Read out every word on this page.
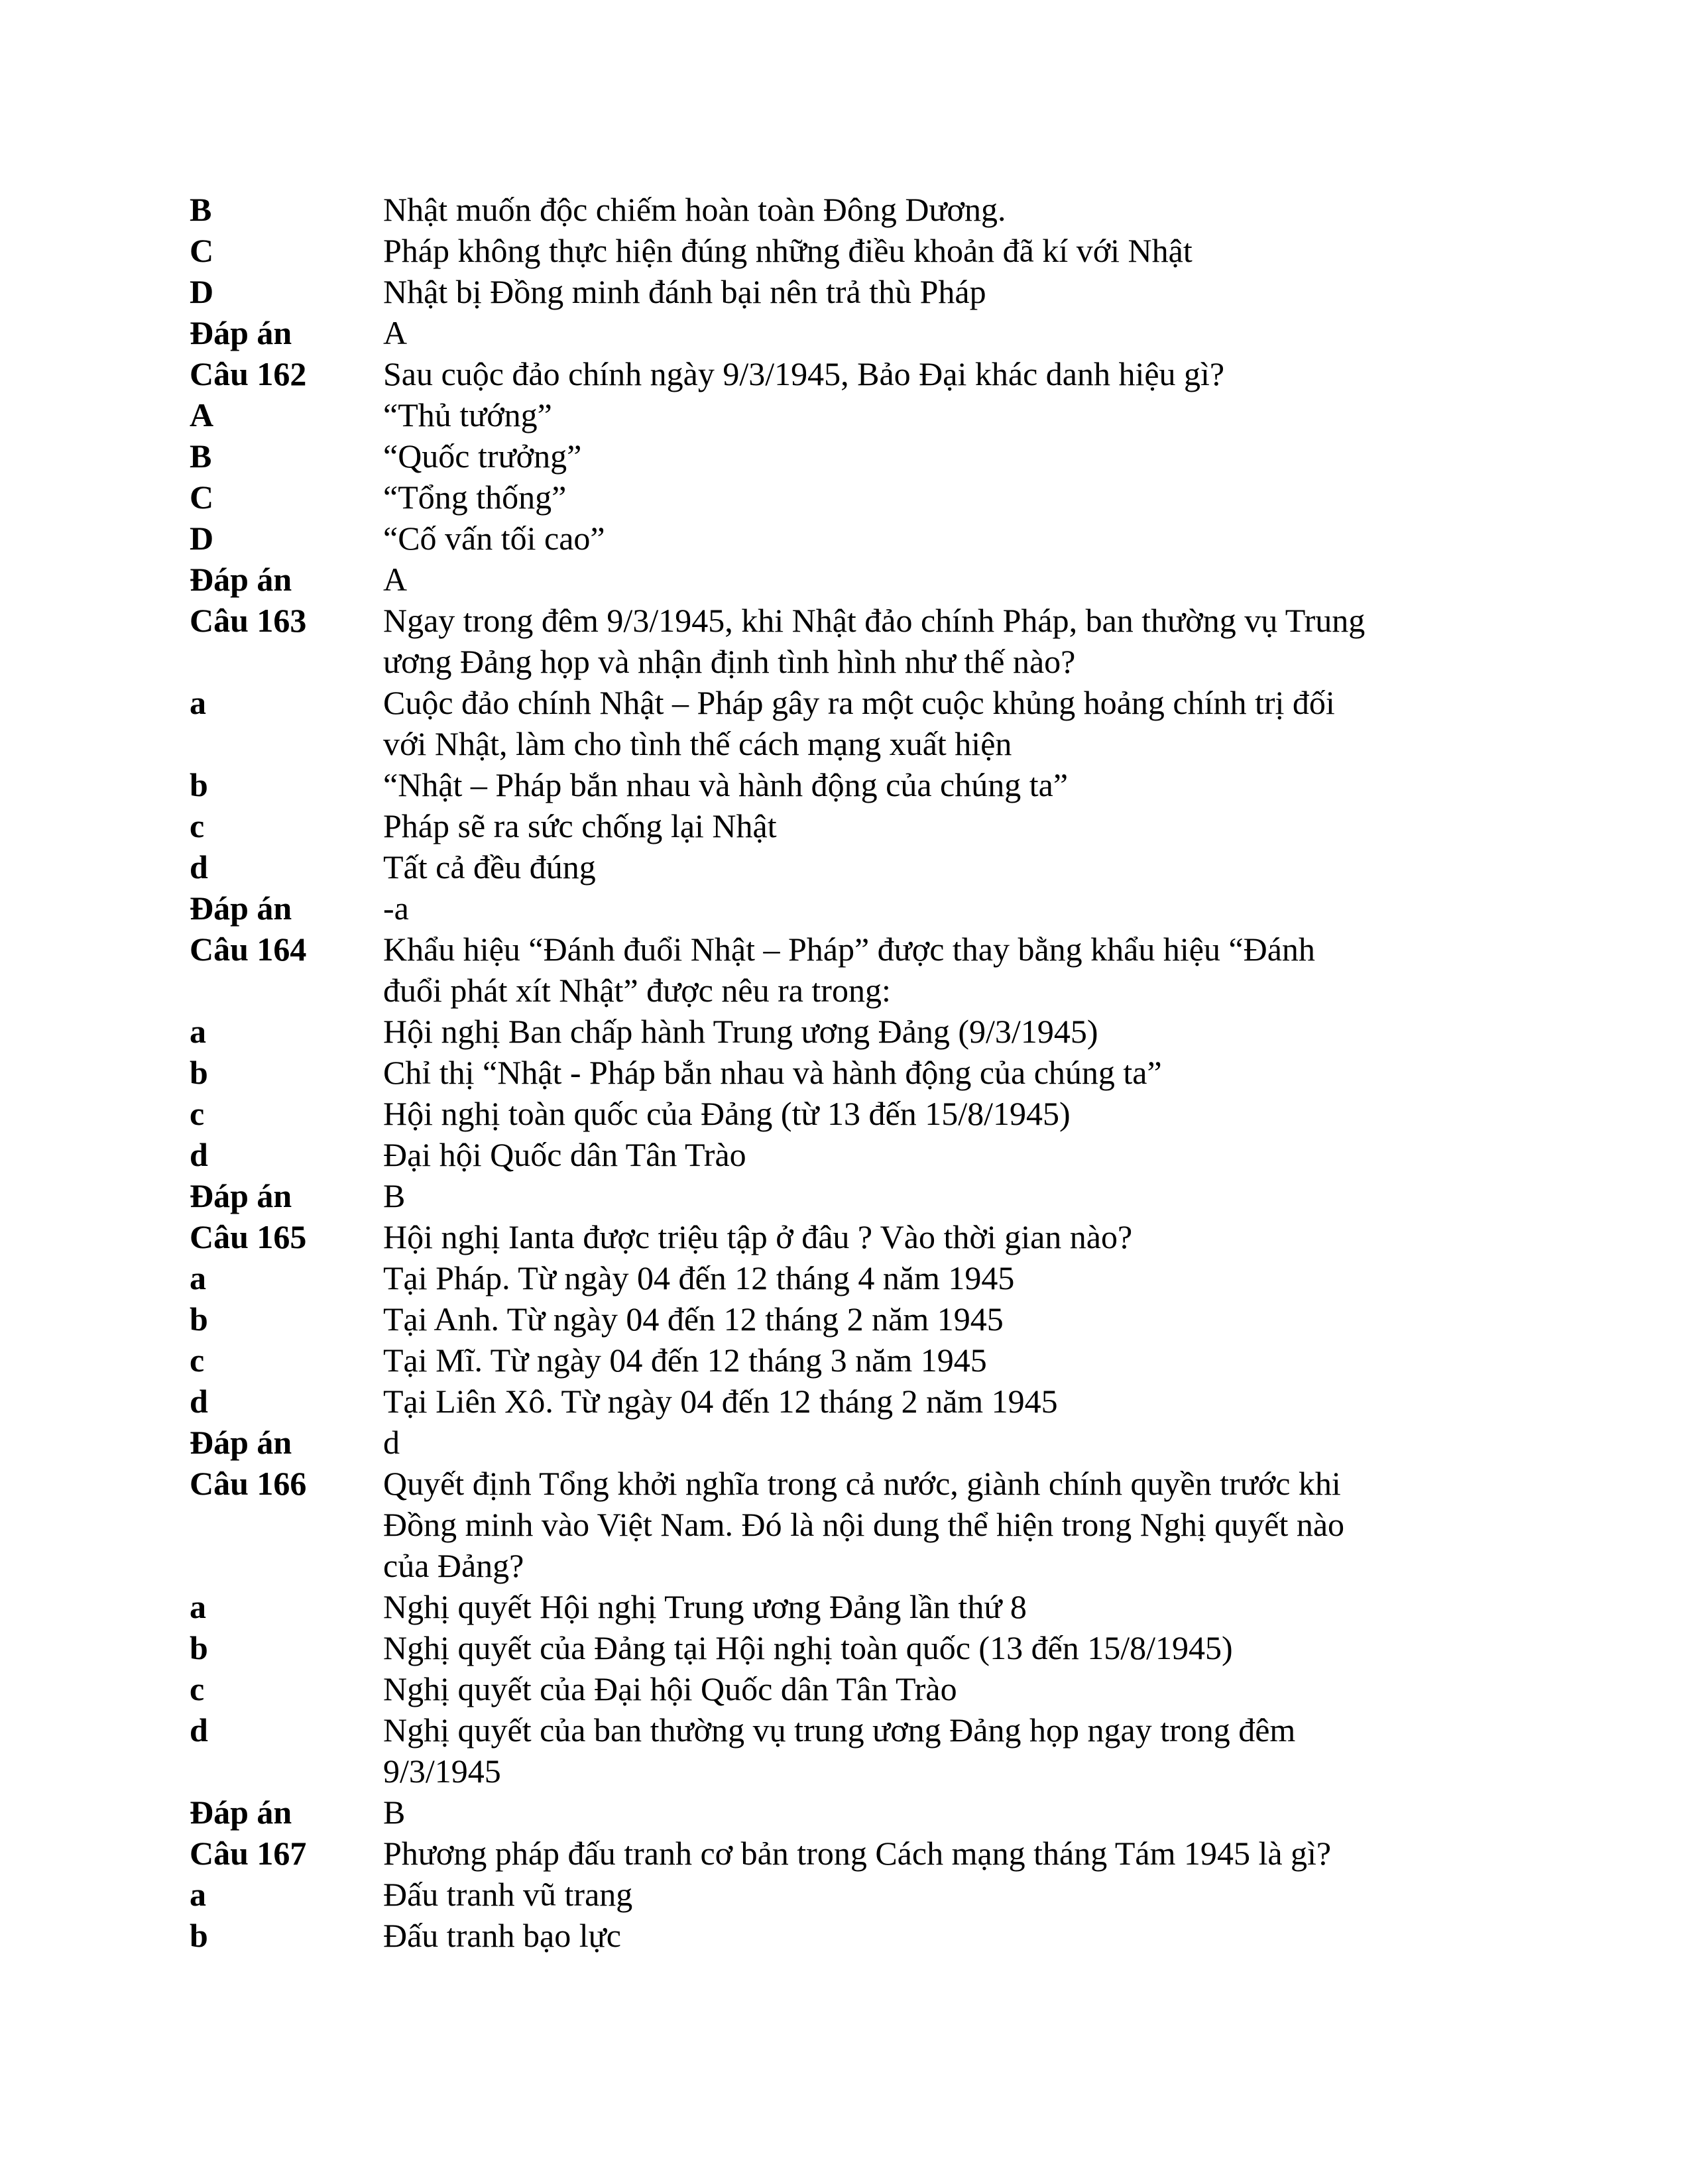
B	Nhật muốn độc chiếm hoàn toàn Đông Dương.
C	Pháp không thực hiện đúng những điều khoản đã kí với Nhật
D	Nhật bị Đồng minh đánh bại nên trả thù Pháp
Đáp án	A
Câu 162	Sau cuộc đảo chính ngày 9/3/1945, Bảo Đại khác danh hiệu gì?
A	“Thủ tướng”
B	“Quốc trưởng”
C	“Tổng thống”
D	“Cố vấn tối cao”
Đáp án	A
Câu 163	Ngay trong đêm 9/3/1945, khi Nhật đảo chính Pháp, ban thường vụ Trung
ương Đảng họp và nhận định tình hình như thế nào?
a	Cuộc đảo chính Nhật – Pháp gây ra một cuộc khủng hoảng chính trị đối
với Nhật, làm cho tình thế cách mạng xuất hiện
b	“Nhật – Pháp bắn nhau và hành động của chúng ta”
c	Pháp sẽ ra sức chống lại Nhật
d	Tất cả đều đúng
Đáp án	-a
Câu 164	Khẩu hiệu “Đánh đuổi Nhật – Pháp” được thay bằng khẩu hiệu “Đánh
đuổi phát xít Nhật” được nêu ra trong:
a	Hội nghị Ban chấp hành Trung ương Đảng (9/3/1945)
b	Chỉ thị “Nhật - Pháp bắn nhau và hành động của chúng ta”
c	Hội nghị toàn quốc của Đảng (từ 13 đến 15/8/1945)
d	Đại hội Quốc dân Tân Trào
Đáp án	B
Câu 165	Hội nghị Ianta được triệu tập ở đâu ? Vào thời gian nào?
a	Tại Pháp. Từ ngày 04 đến 12 tháng 4 năm 1945
b	Tại Anh. Từ ngày 04 đến 12 tháng 2 năm 1945
c	Tại Mĩ. Từ ngày 04 đến 12 tháng 3 năm 1945
d	Tại Liên Xô. Từ ngày 04 đến 12 tháng 2 năm 1945
Đáp án	d
Câu 166	Quyết định Tổng khởi nghĩa trong cả nước, giành chính quyền trước khi
Đồng minh vào Việt Nam. Đó là nội dung thể hiện trong Nghị quyết nào
của Đảng?
a	Nghị quyết Hội nghị Trung ương Đảng lần thứ 8
b	Nghị quyết của Đảng tại Hội nghị toàn quốc (13 đến 15/8/1945)
c	Nghị quyết của Đại hội Quốc dân Tân Trào
d	Nghị quyết của ban thường vụ trung ương Đảng họp ngay trong đêm
9/3/1945
Đáp án	B
Câu 167	Phương pháp đấu tranh cơ bản trong Cách mạng tháng Tám 1945 là gì?
a	Đấu tranh vũ trang
b	Đấu tranh bạo lực
